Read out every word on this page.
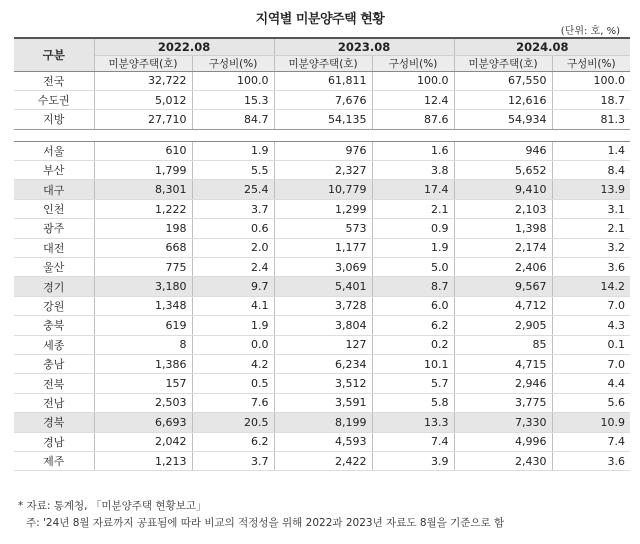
지역별 미분양주택 현황
(단위: 호, %)
구분	2022.08		2023.08		2024.08	
	미분양주택(호)	구성비(%)	미분양주택(호)	구성비(%)	미분양주택(호)	구성비(%)
전국	32,722	100.0	61,811	100.0	67,550	100.0
수도권	5,012	15.3	7,676	12.4	12,616	18.7
지방	27,710	84.7	54,135	87.6	54,934	81.3

서울	610	1.9	976	1.6	946	1.4
부산	1,799	5.5	2,327	3.8	5,652	8.4
대구	8,301	25.4	10,779	17.4	9,410	13.9
인천	1,222	3.7	1,299	2.1	2,103	3.1
광주	198	0.6	573	0.9	1,398	2.1
대전	668	2.0	1,177	1.9	2,174	3.2
울산	775	2.4	3,069	5.0	2,406	3.6
경기	3,180	9.7	5,401	8.7	9,567	14.2
강원	1,348	4.1	3,728	6.0	4,712	7.0
충북	619	1.9	3,804	6.2	2,905	4.3
세종	8	0.0	127	0.2	85	0.1
충남	1,386	4.2	6,234	10.1	4,715	7.0
전북	157	0.5	3,512	5.7	2,946	4.4
전남	2,503	7.6	3,591	5.8	3,775	5.6
경북	6,693	20.5	8,199	13.3	7,330	10.9
경남	2,042	6.2	4,593	7.4	4,996	7.4
제주	1,213	3.7	2,422	3.9	2,430	3.6
* 자료: 통계청, 「미분양주택 현황보고」
주: '24년 8월 자료까지 공표됨에 따라 비교의 적정성을 위해 2022과 2023년 자료도 8월을 기준으로 함
